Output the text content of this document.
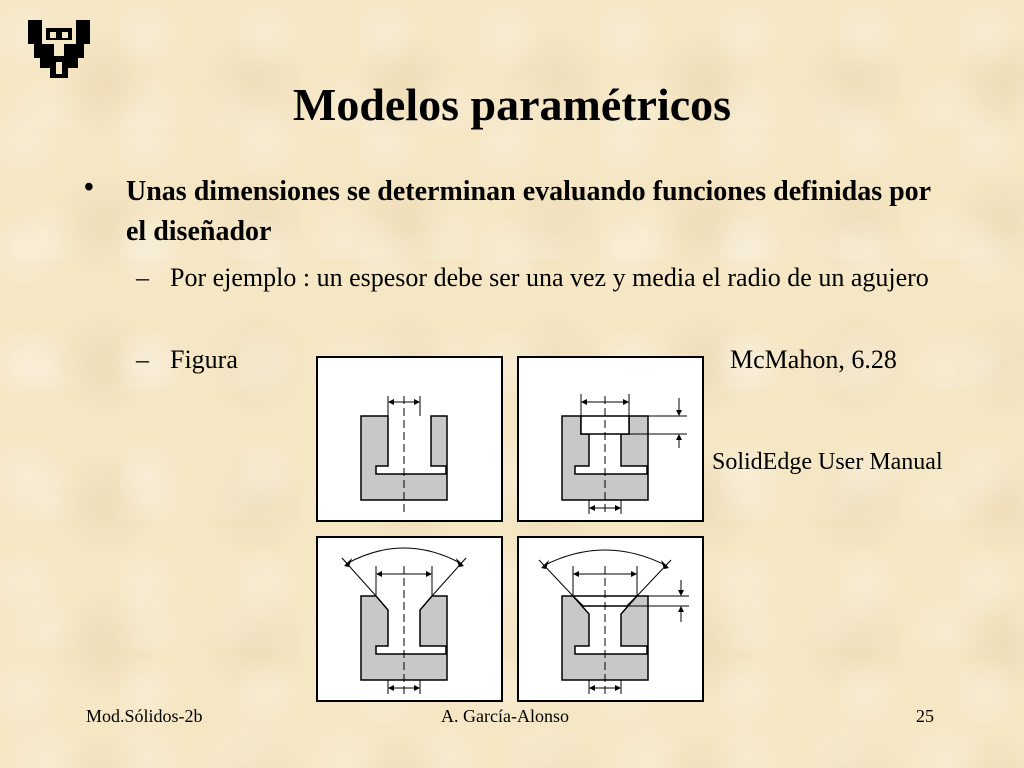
Modelos paramétricos
• Unas dimensiones se determinan evaluando funciones definidas por el diseñador
– Por ejemplo : un espesor debe ser una vez y media el radio de un agujero
– Figura	McMahon, 6.28
SolidEdge User Manual
Mod.Sólidos-2b	A. García-Alonso	25
